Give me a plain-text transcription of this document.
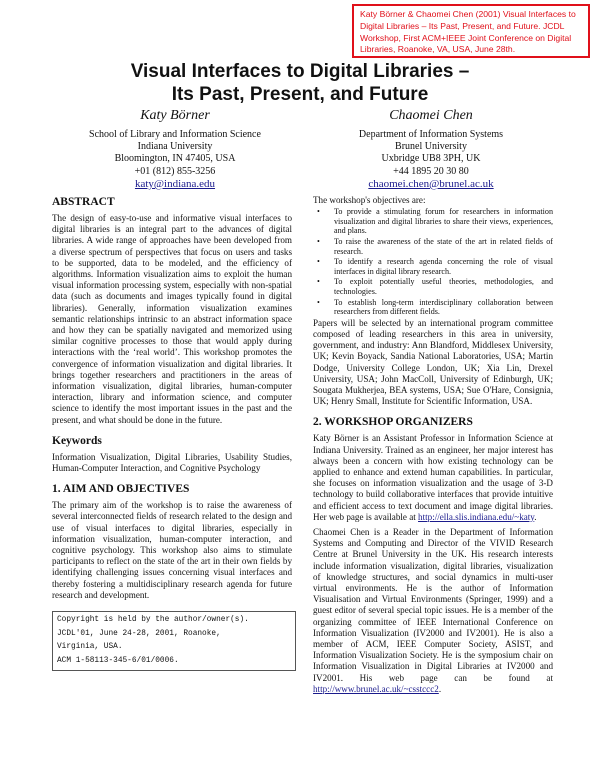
Katy Börner & Chaomei Chen (2001) Visual Interfaces to Digital Libraries – Its Past, Present, and Future. JCDL Workshop, First ACM+IEEE Joint Conference on Digital Libraries, Roanoke, VA, USA, June 28th.
Visual Interfaces to Digital Libraries –
Its Past, Present, and Future
Katy Börner
School of Library and Information Science
Indiana University
Bloomington, IN 47405, USA
+01 (812) 855-3256
katy@indiana.edu
Chaomei Chen
Department of Information Systems
Brunel University
Uxbridge UB8 3PH, UK
+44 1895 20 30 80
chaomei.chen@brunel.ac.uk
ABSTRACT

The design of easy-to-use and informative visual interfaces to digital libraries is an integral part to the advances of digital libraries. A wide range of approaches have been developed from a diverse spectrum of perspectives that focus on users and tasks to be supported, data to be modeled, and the efficiency of algorithms. Information visualization aims to exploit the human visual information processing system, especially with non-spatial data (such as documents and images typically found in digital libraries). Generally, information visualization examines semantic relationships intrinsic to an abstract information space and how they can be spatially navigated and memorized using similar cognitive processes to those that would apply during interactions with the ‘real world’. This workshop promotes the convergence of information visualization and digital libraries. It brings together researchers and practitioners in the areas of information visualization, digital libraries, human-computer interaction, library and information science, and computer science to identify the most important issues in the past and the present, and what should be done in the future.

Keywords

Information Visualization, Digital Libraries, Usability Studies, Human-Computer Interaction, and Cognitive Psychology

1. AIM AND OBJECTIVES

The primary aim of the workshop is to raise the awareness of several interconnected fields of research related to the design and use of visual interfaces to digital libraries, especially in information visualization, human-computer interaction, and cognitive psychology. This workshop also aims to stimulate participants to reflect on the state of the art in their own fields by identifying challenging issues concerning visual interfaces and thereby fostering a multidisciplinary research agenda for future research and development.

Copyright is held by the author/owner(s).
JCDL'01, June 24-28, 2001, Roanoke,
Virginia, USA.
ACM 1-58113-345-6/01/0006.

The workshop's objectives are:

• To provide a stimulating forum for researchers in information visualization and digital libraries to share their views, experiences, and plans.
• To raise the awareness of the state of the art in related fields of research.
• To identify a research agenda concerning the role of visual interfaces in digital library research.
• To exploit potentially useful theories, methodologies, and technologies.
• To establish long-term interdisciplinary collaboration between researchers from different fields.

Papers will be selected by an international program committee composed of leading researchers in this area in university, government, and industry: Ann Blandford, Middlesex University, UK; Kevin Boyack, Sandia National Laboratories, USA; Martin Dodge, University College London, UK; Xia Lin, Drexel University, USA; John MacColl, University of Edinburgh, UK; Sougata Mukherjea, BEA systems, USA; Sue O'Hare, Consignia, UK; Henry Small, Institute for Scientific Information, USA.

2. WORKSHOP ORGANIZERS

Katy Börner is an Assistant Professor in Information Science at Indiana University. Trained as an engineer, her major interest has always been a concern with how existing technology can be applied to enhance and extend human capabilities. In particular, she focuses on information visualization and the usage of 3-D technology to build collaborative interfaces that provide intuitive and efficient access to text document and image digital libraries. Her web page is available at http://ella.slis.indiana.edu/~katy.

Chaomei Chen is a Reader in the Department of Information Systems and Computing and Director of the VIVID Research Centre at Brunel University in the UK. His research interests include information visualization, digital libraries, visualization of knowledge structures, and social dynamics in multi-user virtual environments. He is the author of Information Visualisation and Virtual Environments (Springer, 1999) and a guest editor of several special topic issues. He is a member of the organizing committee of IEEE International Conference on Information Visualization (IV2000 and IV2001). He is also a member of ACM, IEEE Computer Society, ASIST, and Information Visualization Society. He is the symposium chair on Information Visualization in Digital Libraries at IV2000 and IV2001. His web page can be found at http://www.brunel.ac.uk/~csstccc2.
